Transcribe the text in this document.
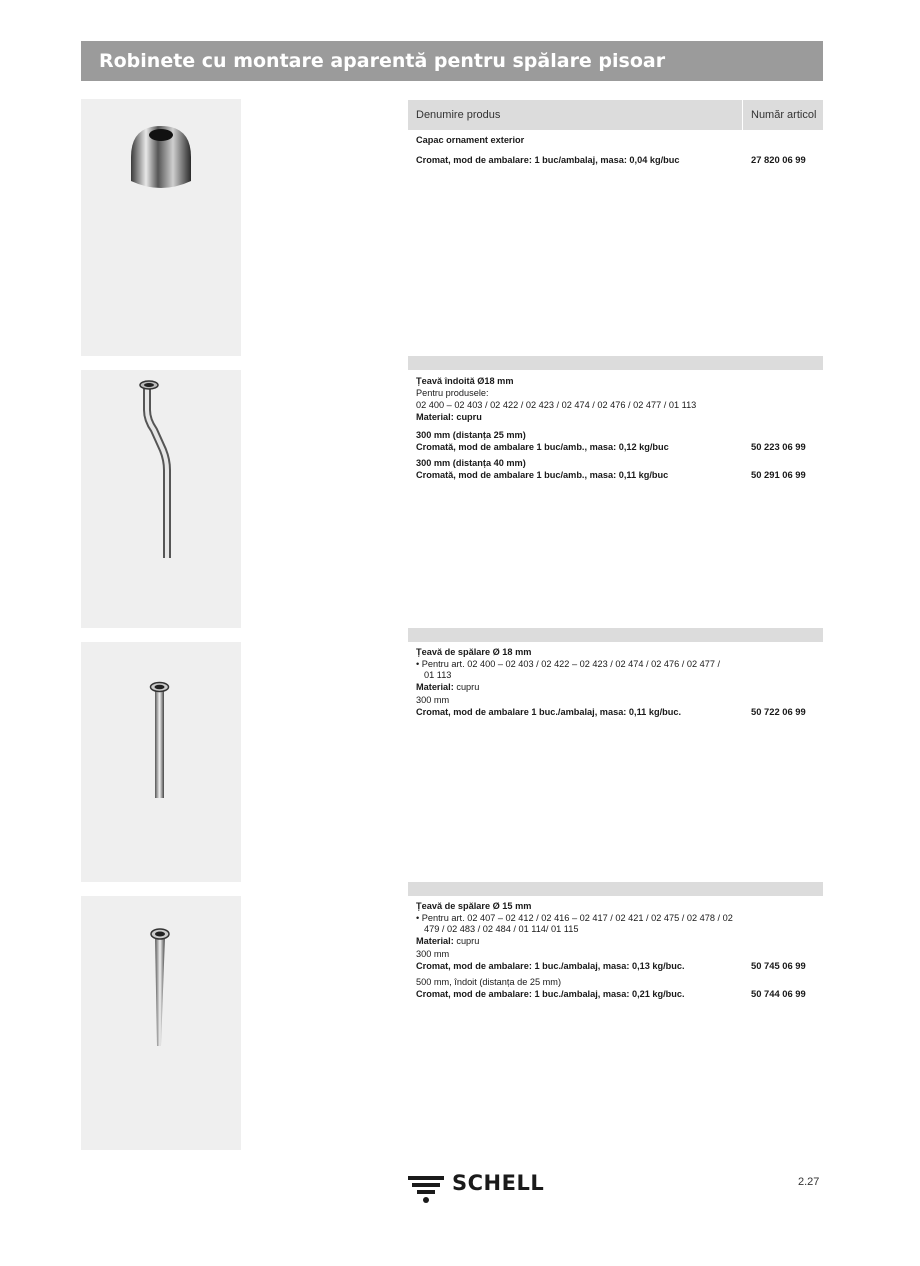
Robinete cu montare aparentă pentru spălare pisoar
Denumire produs	Număr articol
Capac ornament exterior
Cromat, mod de ambalare: 1 buc/ambalaj, masa: 0,04 kg/buc	27 820 06 99
Țeavă îndoită Ø18 mm
Pentru produsele:
02 400 – 02 403 / 02 422 / 02 423 / 02 474 / 02 476 / 02 477 / 01 113
Material: cupru
300 mm (distanța 25 mm)
Cromată, mod de ambalare 1 buc/amb., masa: 0,12 kg/buc	50 223 06 99
300 mm (distanța 40 mm)
Cromată, mod de ambalare 1 buc/amb., masa: 0,11 kg/buc	50 291 06 99
Țeavă de spălare Ø 18 mm
• Pentru art. 02 400 – 02 403 / 02 422 – 02 423 / 02 474 / 02 476 / 02 477 /
01 113
Material: cupru
300 mm
Cromat, mod de ambalare 1 buc./ambalaj, masa: 0,11 kg/buc.	50 722 06 99
Țeavă de spălare Ø 15 mm
• Pentru art. 02 407 – 02 412 / 02 416 – 02 417 / 02 421 / 02 475 / 02 478 / 02
479 / 02 483 / 02 484 / 01 114/ 01 115
Material: cupru
300 mm
Cromat, mod de ambalare: 1 buc./ambalaj, masa: 0,13 kg/buc.	50 745 06 99
500 mm, îndoit (distanța de 25 mm)
Cromat, mod de ambalare: 1 buc./ambalaj, masa: 0,21 kg/buc.	50 744 06 99
SCHELL	2.27
